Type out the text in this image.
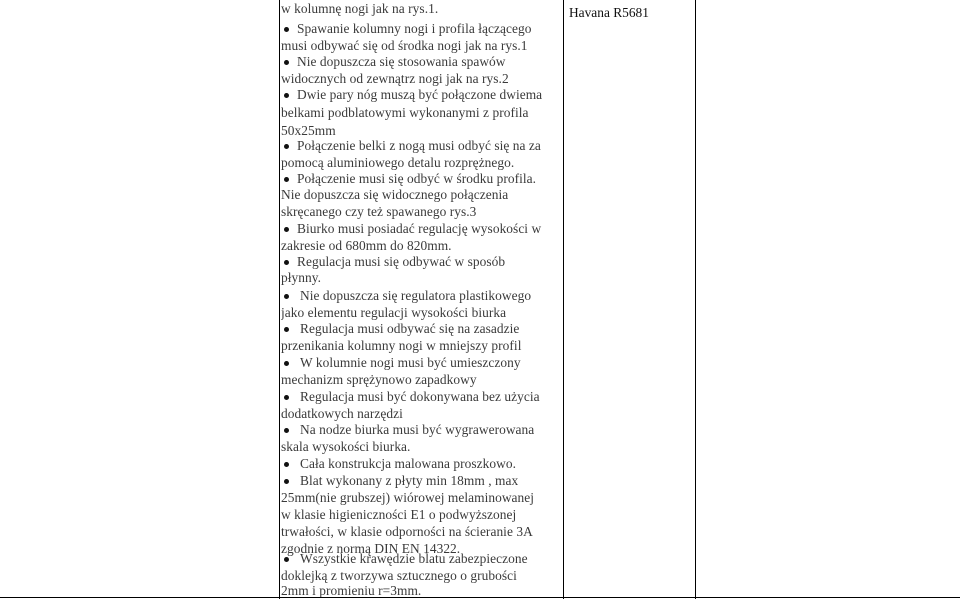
w kolumnę nogi jak na rys.1.
Spawanie kolumny nogi i profila łączącego
musi odbywać się od środka nogi jak na rys.1
Nie dopuszcza się stosowania spawów
widocznych od zewnątrz nogi jak na rys.2
Dwie pary nóg muszą być połączone dwiema
belkami podblatowymi wykonanymi z profila
50x25mm
Połączenie belki z nogą musi odbyć się na za
pomocą aluminiowego detalu rozprężnego.
Połączenie musi się odbyć w środku profila.
Nie dopuszcza się widocznego połączenia
skręcanego czy też spawanego rys.3
Biurko musi posiadać regulację wysokości w
zakresie od 680mm do 820mm.
Regulacja musi się odbywać w sposób
płynny.
Nie dopuszcza się regulatora plastikowego
jako elementu regulacji wysokości biurka
Regulacja musi odbywać się na zasadzie
przenikania kolumny nogi w mniejszy profil
W kolumnie nogi musi być umieszczony
mechanizm sprężynowo zapadkowy
Regulacja musi być dokonywana bez użycia
dodatkowych narzędzi
Na nodze biurka musi być wygrawerowana
skala wysokości biurka.
Cała konstrukcja malowana proszkowo.
Blat wykonany z płyty min 18mm , max
25mm(nie grubszej) wiórowej melaminowanej
w klasie higieniczności E1 o podwyższonej
trwałości, w klasie odporności na ścieranie 3A
zgodnie z normą DIN EN 14322.
Wszystkie krawędzie blatu zabezpieczone
doklejką z tworzywa sztucznego o grubości
2mm i promieniu r=3mm.
Havana R5681
